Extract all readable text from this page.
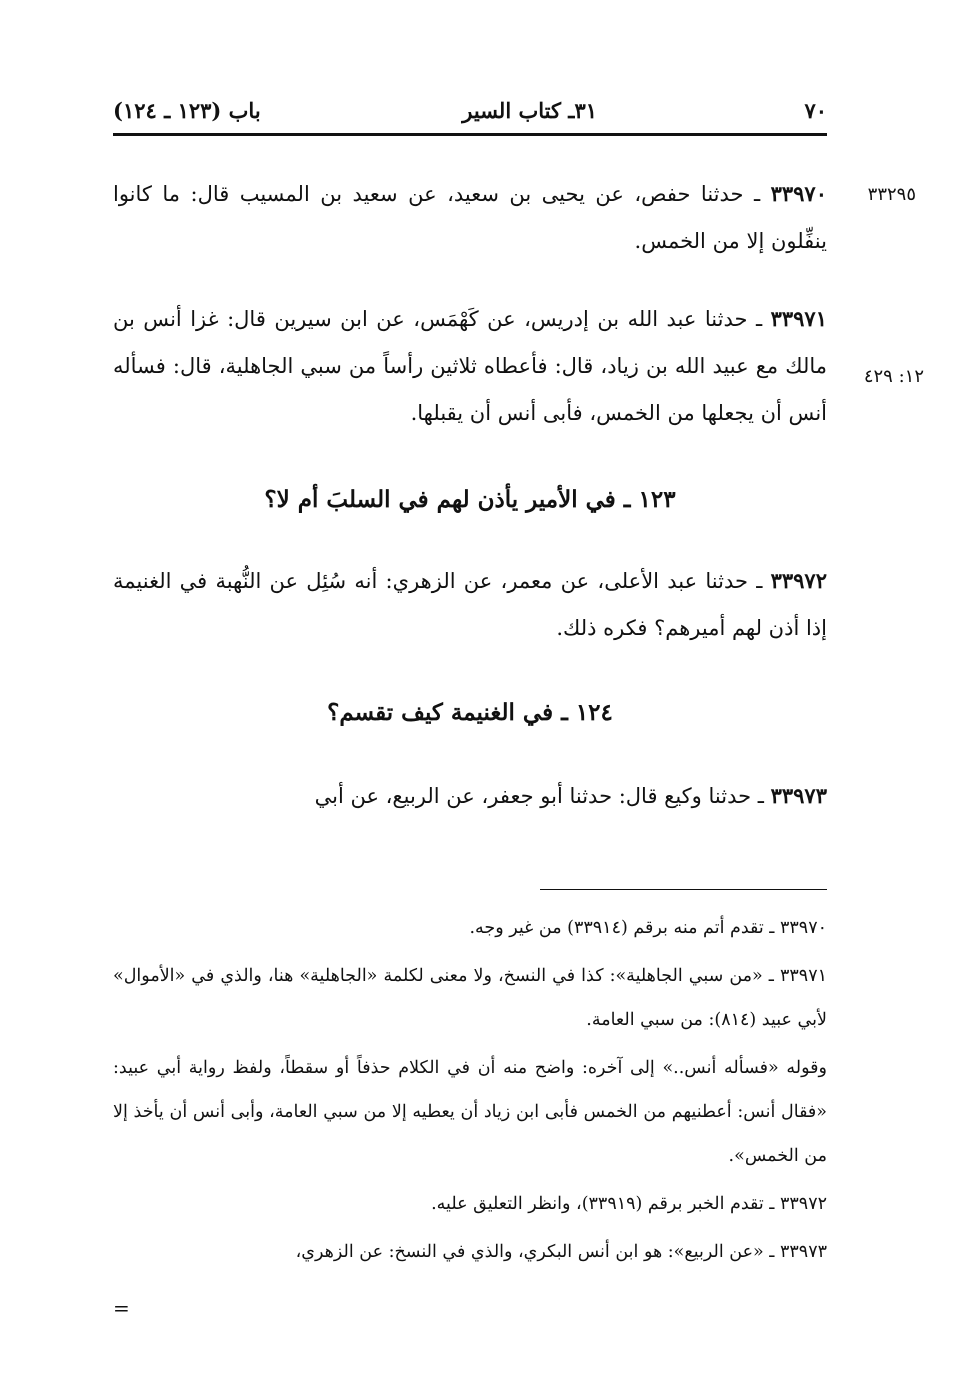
٧٠
٣١ـ كتاب السير
باب (١٢٣ ـ ١٢٤)
٣٣٢٩٥
١٢: ٤٢٩

٣٣٩٧٠ ـ حدثنا حفص، عن يحيى بن سعيد، عن سعيد بن المسيب قال: ما كانوا ينفِّلون إلا من الخمس.

٣٣٩٧١ ـ حدثنا عبد الله بن إدريس، عن كَهْمَس، عن ابن سيرين قال: غزا أنس بن مالك مع عبيد الله بن زياد، قال: فأعطاه ثلاثين رأساً من سبي الجاهلية، قال: فسأله أنس أن يجعلها من الخمس، فأبى أنس أن يقبلها.

١٢٣ ـ في الأمير يأذن لهم في السلبَ أم لا؟

٣٣٩٧٢ ـ حدثنا عبد الأعلى، عن معمر، عن الزهري: أنه سُئِل عن النُّهبة في الغنيمة إذا أذن لهم أميرهم؟ فكره ذلك.

١٢٤ ـ في الغنيمة كيف تقسم؟

٣٣٩٧٣ ـ حدثنا وكيع قال: حدثنا أبو جعفر، عن الربيع، عن أبي

٣٣٩٧٠ ـ تقدم أتم منه برقم (٣٣٩١٤) من غير وجه.

٣٣٩٧١ ـ «من سبي الجاهلية»: كذا في النسخ، ولا معنى لكلمة «الجاهلية» هنا، والذي في «الأموال» لأبي عبيد (٨١٤): من سبي العامة.

وقوله «فسأله أنس..» إلى آخره: واضح منه أن في الكلام حذفاً أو سقطاً، ولفظ رواية أبي عبيد: «فقال أنس: أعطنيهم من الخمس فأبى ابن زياد أن يعطيه إلا من سبي العامة، وأبى أنس أن يأخذ إلا من الخمس».

٣٣٩٧٢ ـ تقدم الخبر برقم (٣٣٩١٩)، وانظر التعليق عليه.

٣٣٩٧٣ ـ «عن الربيع»: هو ابن أنس البكري، والذي في النسخ: عن الزهري،

=
